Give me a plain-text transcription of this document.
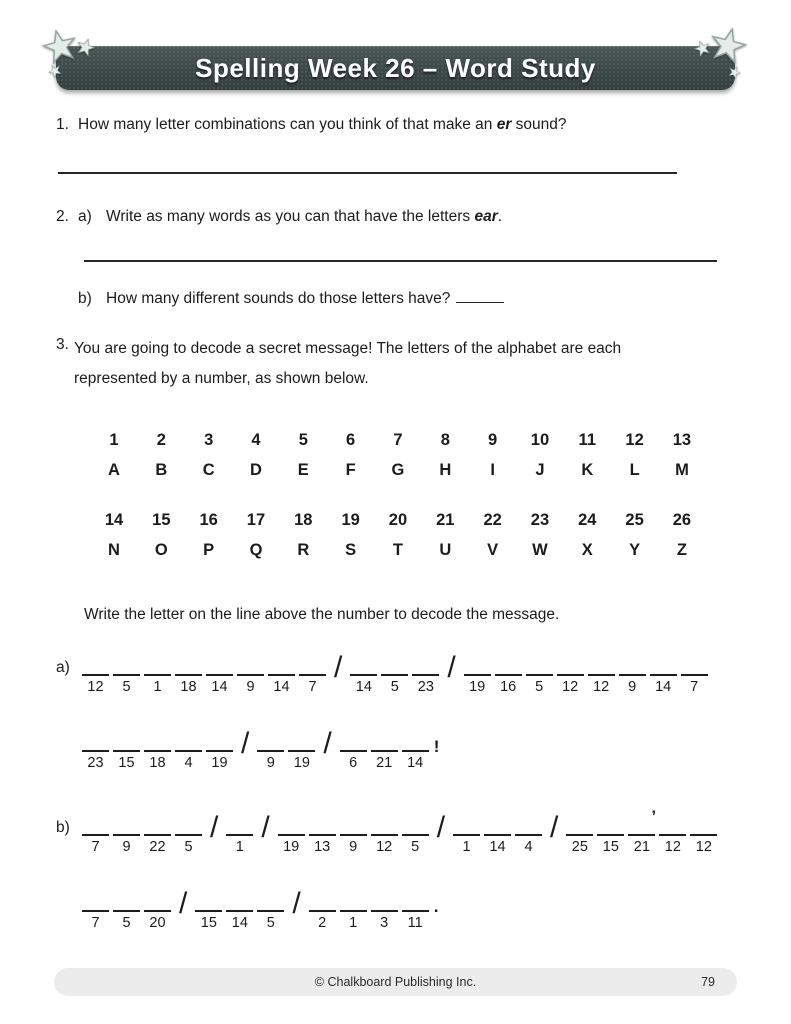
Spelling Week 26 – Word Study
1. How many letter combinations can you think of that make an er sound?
2. a) Write as many words as you can that have the letters ear.
b) How many different sounds do those letters have?
3. You are going to decode a secret message! The letters of the alphabet are each
represented by a number, as shown below.
1	2	3	4	5	6	7	8	9	10	11	12	13
A	B	C	D	E	F	G	H	I	J	K	L	M
14	15	16	17	18	19	20	21	22	23	24	25	26
N	O	P	Q	R	S	T	U	V	W	X	Y	Z
Write the letter on the line above the number to decode the message.
a)
12	5	1	18	14	9	14	7
/
14	5	23
/
19	16	5	12	12	9	14	7
23	15	18	4	19
/
9	19
/
6	21	14
!
b)
7	9	22	5
/
1
/
19	13	9	12	5
/
1	14	4
/
25	15	21	12
’
12
7	5	20
/
15	14	5
/
2	1	3	11
.
© Chalkboard Publishing Inc.	79
